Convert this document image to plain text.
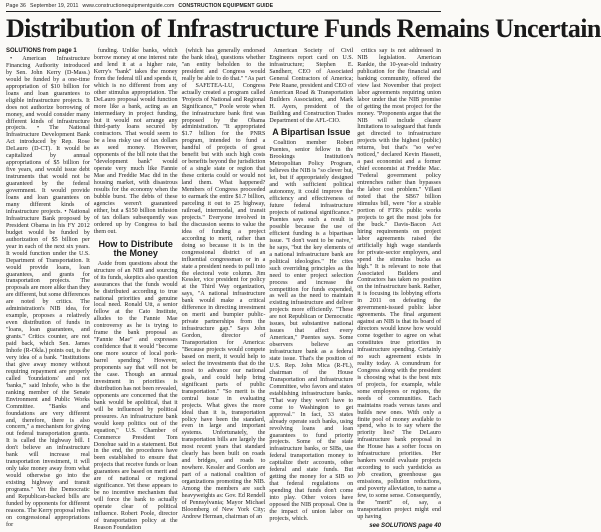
Page 36 September 19, 2011 www.constructionequipmentguide.com CONSTRUCTION EQUIPMENT GUIDE
Distribution of Infrastructure Funds Remains Uncertain
SOLUTIONS from page 1

• American Infrastructure Financing Authority introduced by Sen. John Kerry (D-Mass.) would be funded by a one-time appropriation of $10 billion for loans and loan guarantees to eligible infrastructure projects. It does not authorize borrowing of money, and would consider many different kinds of infrastructure projects. • The National Infrastructure Development Bank Act introduced by Rep. Rose DeLauro (D-CT). It would be capitalized by annual appropriations of $5 billion for five years, and would issue debt instruments that would not be guaranteed by the federal government. It would provide loans and loan guarantees on many different kinds of infrastructure projects. • National Infrastructure Bank proposed by President Obama in his FY 2012 budget would be funded by authorization of $5 billion per year in each of the next six years. It would function under the U.S. Department of Transportation. It would provide loans, loan guarantees, and grants for transportation projects. The proposals are more alike than they are different, but some differences are noted by critics. The administration's NIB idea, for example, proposes a relatively even distribution of funds in "loans, loan guarantees, and grants." Critics counter, are not paid back, which Sen. James Inhofe (R-Okla.) points out, is the very idea of a bank. "Institutions that give away money without requiring repayment are properly called 'foundations' and not 'banks,'" said Inhofe, who is the ranking member of the Senate Environment and Public Works Committee. "Banks and foundations are very different and, therefore, there is also concern," a mechanism for giving out federal transportation grants. It is called the highway bill. I don't believe an infrastructure bank will increase real transportation investment, it will only take money away from what would otherwise go into the existing highway and transit programs." Yet the Democratic and Republican-backed bills are funded by opponents for different reasons. The Kerry proposal relies on congressional appropriations for

funding. Unlike banks, which borrow money at one interest rate and lend it at a higher rate, Kerry's "bank" takes the money from the federal till and spends it, which is no different from any other stimulus appropriation. The DeLauro proposal would function more like a bank, acting as an intermediary in project funding, but it would not arrange any third-party loans secured by contractors. That would seem to be a less risky use of tax dollars as seed money. However, opponents of the bill note that the "development bank" would operate very much like Fannie Mae and Freddie Mac did in the housing market, with disastrous results for the economy when the bubble burst. The debts of these agencies weren't guaranteed either, but a $150 billion infusion of tax dollars subsequently was ordered up by Congress to bail them out.

How to Distribute the Money

Aside from questions about the structure of an NIB and sourcing of its funds, skeptics also question assurances that the funds would be distributed according to true national priorities and genuine local need. Ronald Utt, a senior fellow at the Cato Institute, alludes to the Fannie Mae controversy as he is trying to frame the bank proposal as "Fannie Mae" and expresses confidence that it would "become one more source of local pork-barrel spending." However, proponents say that will not be the case. Though an annual investment in priorities is distribution has not been revealed, opponents are concerned that the bank would be apolitical, that it will be influenced by political pressures. An infrastructure bank would keep politics out of the equation," U.S. Chamber of Commerce President Tom Donohue said in a statement. But in the end, the procedures have been established to ensure that projects that receive funds or loan guarantees are based on merit and are of national or regional significance. Yet these appears to be no incentive mechanism that will force the bank to actually operate clear of political influence. Robert Poole, director of transportation policy at the Reason Foundation

(which has generally endorsed the bank idea), questions whether "an entity beholden to the president and Congress would really be able to do that." "As part of SAFETEA-LU, Congress actually created a program called 'Projects of National and Regional Significance,'" Poole wrote when the infrastructure bank first was proposed by the Obama administration. "It appropriated $1.7 billion for the PNRS program, intended to fund a handful of projects of great benefit but with such high costs or benefits beyond the jurisdiction of a single state or region that these criteria could or would not land them. What happened? Members of Congress proceeded to earmark the entire $1.7 billion, parceling it out to 25 highway, railroad, intermodal, and transit projects." Everyone involved in the discussion seems to value the idea of funding a project according to merit, rather than doing so because it is in the congressional district of an influential congressman or in a state a president needs to pull into the electoral vote column. Jim Kessler, vice president for policy at the Third Way organization, says, "A national infrastructure bank would make a critical difference in directing investment on merit and bumpier public-private partnerships from the infrastructure gap." Says John Gordon, director of Transportation for America: "Because projects would compete based on merit, it would help to select the investments that do the most to advance our national goals, and could help bring significant parts of public transportation." "So merit is the central issue in evaluating projects. What gives the more ideal than it is, transportation policy have been the standard, even in large and important systems. Unfortunately, the transportation bills are largely the most recent years that standard clearly has been built on roads and bridges, and roads to nowhere. Kessler and Gordon are part of a national coalition of organizations promoting the NIB. Among the members are such heavyweights as: Gov. Ed Rendell of Pennsylvania; Mayor Michael Bloomberg of New York City; Andrew Herman, chairman of an

American Society of Civil Engineers report card on U.S. infrastructure; Stephen E. Sandherr, CEO of Associated General Contractors of America; Pete Ruane, president and CEO of American Road & Transportation Builders Association, and Mark H. Ayers, president of the Building and Construction Trades Department of the AFL-CIO.

A Bipartisan Issue

Coalition member Robert Puentes, senior fellow in the Brookings Institution's Metropolitan Policy Program, believes the NIB is "so clever but, let, but if appropriately designed and with sufficient political autonomy, it could improve the efficiency and effectiveness of future federal infrastructure projects of national significance." Puentes says such a result is possible because the use of efficient funding is a bipartisan issue. "I don't want to be naive," he says, "but the key elements of a national infrastructure bank are political ideologies." He cites such overriding principles as the need to enter project selection process and increase the competition for funds expended, as well as the need to maintain existing infrastructure and deliver projects more efficiently. "These are not Republican or Democratic issues, but substantive national issues that affect every American," Puentes says. Some observers believe an infrastructure bank as a federal state issue. That's the position of U.S. Rep. John Mica (R-FL), chairman of the House Transportation and Infrastructure Committee, who favors and states establishing infrastructure banks. "That way they won't have to come to Washington to get approval." In fact, 33 states already operate such banks, using revolving loans and loan guarantees to fund priority projects. Some of the state infrastructure banks, or SIBs, use federal transportation money to capitalize their accounts, other federal and state funds. But getting the money for a SIB so that federal regulations on spending that funds don't come into play. Other voices have opposed the NIB proposal. One is the impact of union labor on projects, which.

critics say is not addressed in NIB legislation. American Rankie, the 10-year-old industry publication for the financial and banking community, offered the view last November that project labor agreements requiring union labor under that the NIB promise of getting the most project for the money. "Proponents argue that the NIB will include clearer limitations to safeguard that funds get directed to infrastructure projects with the highest (public) returns, but that's "so we've noticed," declared Kevin Hassett, a past economist and a former chief economist at Freddie Mac. "Federal government policy entrenches rather than bypasses the labor cost problem." Villani noted that the SB67 billion stimulus bill, were "for a sizable portion of FTR's public works projects to get the most jobs for the buck." Davis-Bacon Act hiring requirements on project labor agreements raised the artificially high wage standards for private-sector employers, and spend the stimulus bucks as high." It is relevant to note that Associated Builders and Contractors has taken no position on the infrastructure bank. Rather, it is focusing its lobbying efforts in 2011 on defeating the government-issued public labor agreements. The final argument against an NIB is that its board of directors would know how would come together to agree on what constitutes true priorities in infrastructure spending. Certainly no such agreement exists in reality today. A conundrum for Congress along with the president is choosing what is the best mix of projects, for example, while some employees or regions, the needs of communities. Each maintains roads versus taxes and builds new ones. With only a finite pool of money available to spend, who is to say where the priority lies? The DeLauro infrastructure bank proposal in the House has a softer focus on infrastructure priorities. Her bankers would evaluate projects according to such yardsticks as job creation, greenhouse gas emissions, pollution reductions, and poverty alleviation, to name a few, to some sense. Consequently, the "merit" of, say, a transportation project might end up having

see SOLUTIONS page 40
